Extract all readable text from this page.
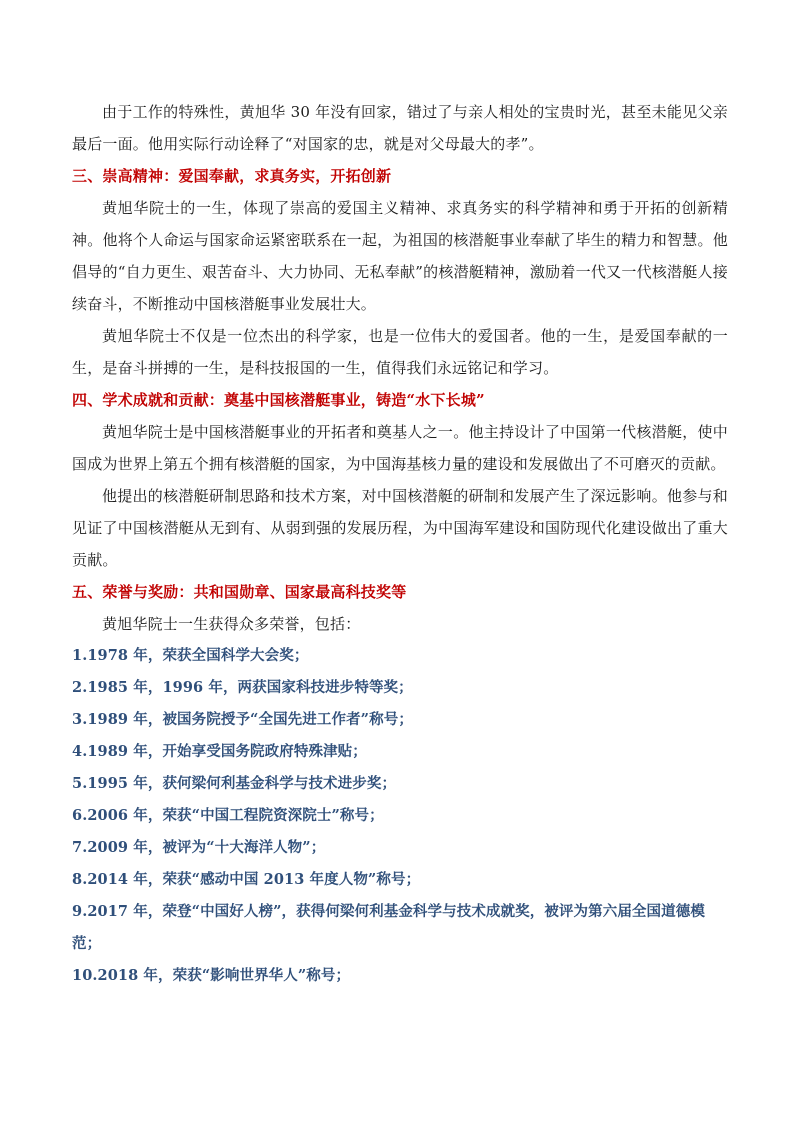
由于工作的特殊性，黄旭华 30 年没有回家，错过了与亲人相处的宝贵时光，甚至未能见父亲最后一面。他用实际行动诠释了“对国家的忠，就是对父母最大的孝”。

三、崇高精神：爱国奉献，求真务实，开拓创新

黄旭华院士的一生，体现了崇高的爱国主义精神、求真务实的科学精神和勇于开拓的创新精神。他将个人命运与国家命运紧密联系在一起，为祖国的核潜艇事业奉献了毕生的精力和智慧。他倡导的“自力更生、艰苦奋斗、大力协同、无私奉献”的核潜艇精神，激励着一代又一代核潜艇人接续奋斗，不断推动中国核潜艇事业发展壮大。

黄旭华院士不仅是一位杰出的科学家，也是一位伟大的爱国者。他的一生，是爱国奉献的一生，是奋斗拼搏的一生，是科技报国的一生，值得我们永远铭记和学习。

四、学术成就和贡献：奠基中国核潜艇事业，铸造“水下长城”

黄旭华院士是中国核潜艇事业的开拓者和奠基人之一。他主持设计了中国第一代核潜艇，使中国成为世界上第五个拥有核潜艇的国家，为中国海基核力量的建设和发展做出了不可磨灭的贡献。

他提出的核潜艇研制思路和技术方案，对中国核潜艇的研制和发展产生了深远影响。他参与和见证了中国核潜艇从无到有、从弱到强的发展历程，为中国海军建设和国防现代化建设做出了重大贡献。

五、荣誉与奖励：共和国勋章、国家最高科技奖等

黄旭华院士一生获得众多荣誉，包括：

1.1978 年，荣获全国科学大会奖；
2.1985 年，1996 年，两获国家科技进步特等奖；
3.1989 年，被国务院授予“全国先进工作者”称号；
4.1989 年，开始享受国务院政府特殊津贴；
5.1995 年，获何梁何利基金科学与技术进步奖；
6.2006 年，荣获“中国工程院资深院士”称号；
7.2009 年，被评为“十大海洋人物”；
8.2014 年，荣获“感动中国 2013 年度人物”称号；
9.2017 年，荣登“中国好人榜”，获得何梁何利基金科学与技术成就奖，被评为第六届全国道德模范；
10.2018 年，荣获“影响世界华人”称号；
